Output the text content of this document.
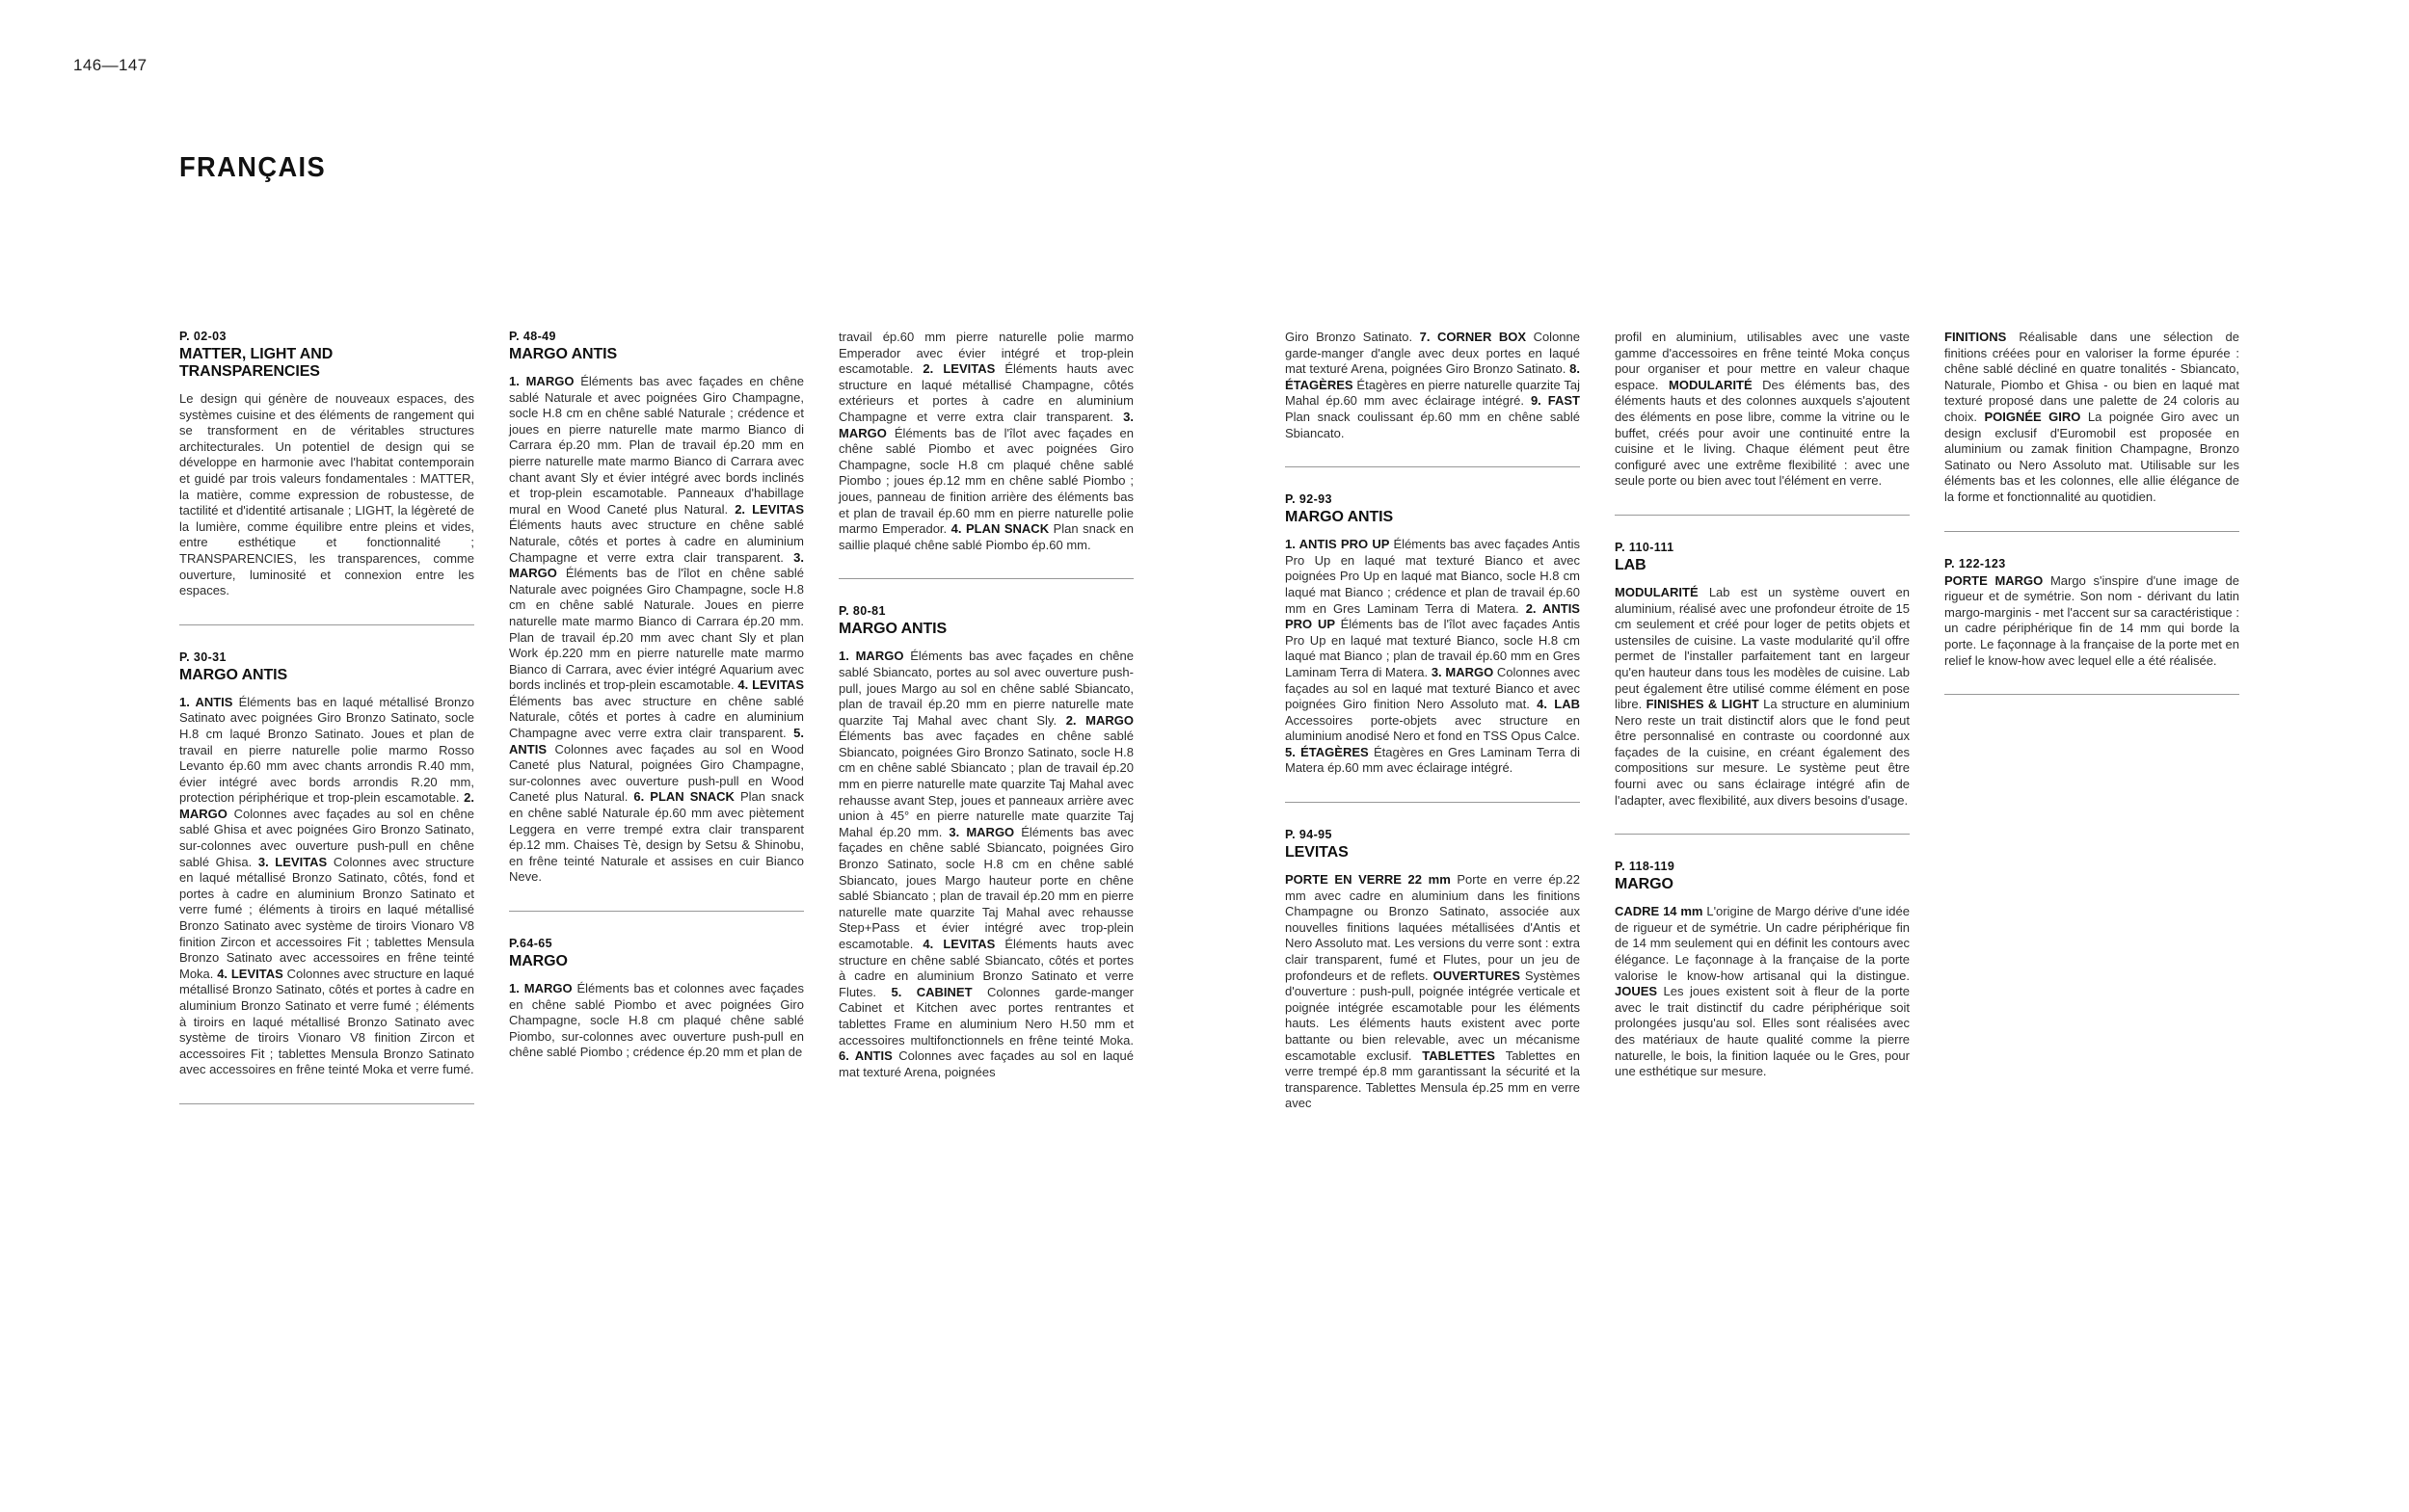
146—147
FRANÇAIS
P. 02-03
MATTER, LIGHT AND TRANSPARENCIES

Le design qui génère de nouveaux espaces, des systèmes cuisine et des éléments de rangement qui se transforment en de véritables structures architecturales. Un potentiel de design qui se développe en harmonie avec l'habitat contemporain et guidé par trois valeurs fondamentales : MATTER, la matière, comme expression de robustesse, de tactilité et d'identité artisanale ; LIGHT, la légèreté de la lumière, comme équilibre entre pleins et vides, entre esthétique et fonctionnalité ; TRANSPARENCIES, les transparences, comme ouverture, luminosité et connexion entre les espaces.

P. 30-31
MARGO ANTIS

1. ANTIS Éléments bas en laqué métallisé Bronzo Satinato avec poignées Giro Bronzo Satinato, socle H.8 cm laqué Bronzo Satinato. Joues et plan de travail en pierre naturelle polie marmo Rosso Levanto ép.60 mm avec chants arrondis R.40 mm, évier intégré avec bords arrondis R.20 mm, protection périphérique et trop-plein escamotable. 2. MARGO Colonnes avec façades au sol en chêne sablé Ghisa et avec poignées Giro Bronzo Satinato, sur-colonnes avec ouverture push-pull en chêne sablé Ghisa. 3. LEVITAS Colonnes avec structure en laqué métallisé Bronzo Satinato, côtés, fond et portes à cadre en aluminium Bronzo Satinato et verre fumé ; éléments à tiroirs en laqué métallisé Bronzo Satinato avec système de tiroirs Vionaro V8 finition Zircon et accessoires Fit ; tablettes Mensula Bronzo Satinato avec accessoires en frêne teinté Moka. 4. LEVITAS Colonnes avec structure en laqué métallisé Bronzo Satinato, côtés et portes à cadre en aluminium Bronzo Satinato et verre fumé ; éléments à tiroirs en laqué métallisé Bronzo Satinato avec système de tiroirs Vionaro V8 finition Zircon et accessoires Fit ; tablettes Mensula Bronzo Satinato avec accessoires en frêne teinté Moka et verre fumé.

P. 48-49
MARGO ANTIS

1. MARGO Éléments bas avec façades en chêne sablé Naturale et avec poignées Giro Champagne, socle H.8 cm en chêne sablé Naturale ; crédence et joues en pierre naturelle mate marmo Bianco di Carrara ép.20 mm. Plan de travail ép.20 mm en pierre naturelle mate marmo Bianco di Carrara avec chant avant Sly et évier intégré avec bords inclinés et trop-plein escamotable. Panneaux d'habillage mural en Wood Caneté plus Natural. 2. LEVITAS Éléments hauts avec structure en chêne sablé Naturale, côtés et portes à cadre en aluminium Champagne et verre extra clair transparent. 3. MARGO Éléments bas de l'îlot en chêne sablé Naturale avec poignées Giro Champagne, socle H.8 cm en chêne sablé Naturale. Joues en pierre naturelle mate marmo Bianco di Carrara ép.20 mm. Plan de travail ép.20 mm avec chant Sly et plan Work ép.220 mm en pierre naturelle mate marmo Bianco di Carrara, avec évier intégré Aquarium avec bords inclinés et trop-plein escamotable. 4. LEVITAS Éléments bas avec structure en chêne sablé Naturale, côtés et portes à cadre en aluminium Champagne avec verre extra clair transparent. 5. ANTIS Colonnes avec façades au sol en Wood Caneté plus Natural, poignées Giro Champagne, sur-colonnes avec ouverture push-pull en Wood Caneté plus Natural. 6. PLAN SNACK Plan snack en chêne sablé Naturale ép.60 mm avec piètement Leggera en verre trempé extra clair transparent ép.12 mm. Chaises Tè, design by Setsu & Shinobu, en frêne teinté Naturale et assises en cuir Bianco Neve.

P.64-65
MARGO

1. MARGO Éléments bas et colonnes avec façades en chêne sablé Piombo et avec poignées Giro Champagne, socle H.8 cm plaqué chêne sablé Piombo, sur-colonnes avec ouverture push-pull en chêne sablé Piombo ; crédence ép.20 mm et plan de

travail ép.60 mm pierre naturelle polie marmo Emperador avec évier intégré et trop-plein escamotable. 2. LEVITAS Éléments hauts avec structure en laqué métallisé Champagne, côtés extérieurs et portes à cadre en aluminium Champagne et verre extra clair transparent. 3. MARGO Éléments bas de l'îlot avec façades en chêne sablé Piombo et avec poignées Giro Champagne, socle H.8 cm plaqué chêne sablé Piombo ; joues ép.12 mm en chêne sablé Piombo ; joues, panneau de finition arrière des éléments bas et plan de travail ép.60 mm en pierre naturelle polie marmo Emperador. 4. PLAN SNACK Plan snack en saillie plaqué chêne sablé Piombo ép.60 mm.

P. 80-81
MARGO ANTIS

1. MARGO Éléments bas avec façades en chêne sablé Sbiancato, portes au sol avec ouverture push-pull, joues Margo au sol en chêne sablé Sbiancato, plan de travail ép.20 mm en pierre naturelle mate quarzite Taj Mahal avec chant Sly. 2. MARGO Éléments bas avec façades en chêne sablé Sbiancato, poignées Giro Bronzo Satinato, socle H.8 cm en chêne sablé Sbiancato ; plan de travail ép.20 mm en pierre naturelle mate quarzite Taj Mahal avec rehausse avant Step, joues et panneaux arrière avec union à 45° en pierre naturelle mate quarzite Taj Mahal ép.20 mm. 3. MARGO Éléments bas avec façades en chêne sablé Sbiancato, poignées Giro Bronzo Satinato, socle H.8 cm en chêne sablé Sbiancato, joues Margo hauteur porte en chêne sablé Sbiancato ; plan de travail ép.20 mm en pierre naturelle mate quarzite Taj Mahal avec rehausse Step+Pass et évier intégré avec trop-plein escamotable. 4. LEVITAS Éléments hauts avec structure en chêne sablé Sbiancato, côtés et portes à cadre en aluminium Bronzo Satinato et verre Flutes. 5. CABINET Colonnes garde-manger Cabinet et Kitchen avec portes rentrantes et tablettes Frame en aluminium Nero H.50 mm et accessoires multifonctionnels en frêne teinté Moka. 6. ANTIS Colonnes avec façades au sol en laqué mat texturé Arena, poignées

Giro Bronzo Satinato. 7. CORNER BOX Colonne garde-manger d'angle avec deux portes en laqué mat texturé Arena, poignées Giro Bronzo Satinato. 8. ÉTAGÈRES Étagères en pierre naturelle quarzite Taj Mahal ép.60 mm avec éclairage intégré. 9. FAST Plan snack coulissant ép.60 mm en chêne sablé Sbiancato.

P. 92-93
MARGO ANTIS

1. ANTIS PRO UP Éléments bas avec façades Antis Pro Up en laqué mat texturé Bianco et avec poignées Pro Up en laqué mat Bianco, socle H.8 cm laqué mat Bianco ; crédence et plan de travail ép.60 mm en Gres Laminam Terra di Matera. 2. ANTIS PRO UP Éléments bas de l'îlot avec façades Antis Pro Up en laqué mat texturé Bianco, socle H.8 cm laqué mat Bianco ; plan de travail ép.60 mm en Gres Laminam Terra di Matera. 3. MARGO Colonnes avec façades au sol en laqué mat texturé Bianco et avec poignées Giro finition Nero Assoluto mat. 4. LAB Accessoires porte-objets avec structure en aluminium anodisé Nero et fond en TSS Opus Calce. 5. ÉTAGÈRES Étagères en Gres Laminam Terra di Matera ép.60 mm avec éclairage intégré.

P. 94-95
LEVITAS

PORTE EN VERRE 22 mm Porte en verre ép.22 mm avec cadre en aluminium dans les finitions Champagne ou Bronzo Satinato, associée aux nouvelles finitions laquées métallisées d'Antis et Nero Assoluto mat. Les versions du verre sont : extra clair transparent, fumé et Flutes, pour un jeu de profondeurs et de reflets. OUVERTURES Systèmes d'ouverture : push-pull, poignée intégrée verticale et poignée intégrée escamotable pour les éléments hauts. Les éléments hauts existent avec porte battante ou bien relevable, avec un mécanisme escamotable exclusif. TABLETTES Tablettes en verre trempé ép.8 mm garantissant la sécurité et la transparence. Tablettes Mensula ép.25 mm en verre avec

profil en aluminium, utilisables avec une vaste gamme d'accessoires en frêne teinté Moka conçus pour organiser et pour mettre en valeur chaque espace. MODULARITÉ Des éléments bas, des éléments hauts et des colonnes auxquels s'ajoutent des éléments en pose libre, comme la vitrine ou le buffet, créés pour avoir une continuité entre la cuisine et le living. Chaque élément peut être configuré avec une extrême flexibilité : avec une seule porte ou bien avec tout l'élément en verre.

P. 110-111
LAB

MODULARITÉ Lab est un système ouvert en aluminium, réalisé avec une profondeur étroite de 15 cm seulement et créé pour loger de petits objets et ustensiles de cuisine. La vaste modularité qu'il offre permet de l'installer parfaitement tant en largeur qu'en hauteur dans tous les modèles de cuisine. Lab peut également être utilisé comme élément en pose libre. FINISHES & LIGHT La structure en aluminium Nero reste un trait distinctif alors que le fond peut être personnalisé en contraste ou coordonné aux façades de la cuisine, en créant également des compositions sur mesure. Le système peut être fourni avec ou sans éclairage intégré afin de l'adapter, avec flexibilité, aux divers besoins d'usage.

P. 118-119
MARGO

CADRE 14 mm L'origine de Margo dérive d'une idée de rigueur et de symétrie. Un cadre périphérique fin de 14 mm seulement qui en définit les contours avec élégance. Le façonnage à la française de la porte valorise le know-how artisanal qui la distingue. JOUES Les joues existent soit à fleur de la porte avec le trait distinctif du cadre périphérique soit prolongées jusqu'au sol. Elles sont réalisées avec des matériaux de haute qualité comme la pierre naturelle, le bois, la finition laquée ou le Gres, pour une esthétique sur mesure.

FINITIONS Réalisable dans une sélection de finitions créées pour en valoriser la forme épurée : chêne sablé décliné en quatre tonalités - Sbiancato, Naturale, Piombo et Ghisa - ou bien en laqué mat texturé proposé dans une palette de 24 coloris au choix. POIGNÉE GIRO La poignée Giro avec un design exclusif d'Euromobil est proposée en aluminium ou zamak finition Champagne, Bronzo Satinato ou Nero Assoluto mat. Utilisable sur les éléments bas et les colonnes, elle allie élégance de la forme et fonctionnalité au quotidien.

P. 122-123

PORTE MARGO Margo s'inspire d'une image de rigueur et de symétrie. Son nom - dérivant du latin margo-marginis - met l'accent sur sa caractéristique : un cadre périphérique fin de 14 mm qui borde la porte. Le façonnage à la française de la porte met en relief le know-how avec lequel elle a été réalisée.
